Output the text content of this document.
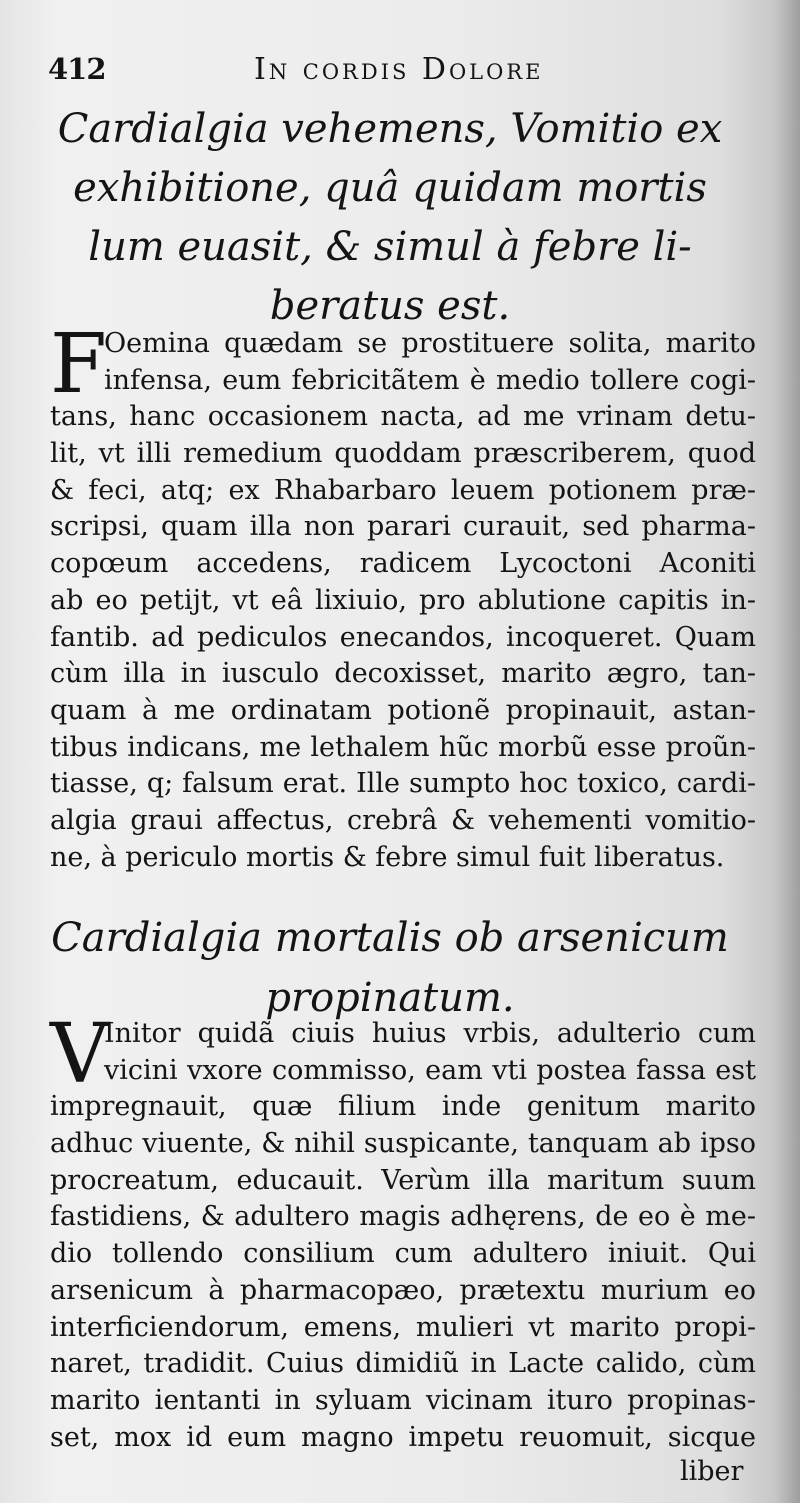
412	In cordis Dolore
Cardialgia vehemens, Vomitio ex
exhibitione, quâ quidam mortis
lum euasit, & simul à febre li-
beratus est.
F
Oemina quædam se prostituere solita, marito
infensa, eum febricitãtem è medio tollere cogi-
tans, hanc occasionem nacta, ad me vrinam detu-
lit, vt illi remedium quoddam præscriberem, quod
& feci, atq; ex Rhabarbaro leuem potionem præ-
scripsi, quam illa non parari curauit, sed pharma-
copœum accedens, radicem Lycoctoni Aconiti
ab eo petijt, vt eâ lixiuio, pro ablutione capitis in-
fantib. ad pediculos enecandos, incoqueret. Quam
cùm illa in iusculo decoxisset, marito ægro, tan-
quam à me ordinatam potionẽ propinauit, astan-
tibus indicans, me lethalem hũc morbũ esse proũn-
tiasse, q; falsum erat. Ille sumpto hoc toxico, cardi-
algia graui affectus, crebrâ & vehementi vomitio-
ne, à periculo mortis & febre simul fuit liberatus.
Cardialgia mortalis ob arsenicum
propinatum.
V
Initor quidã ciuis huius vrbis, adulterio cum
vicini vxore commisso, eam vti postea fassa est
impregnauit, quæ filium inde genitum marito
adhuc viuente, & nihil suspicante, tanquam ab ipso
procreatum, educauit. Verùm illa maritum suum
fastidiens, & adultero magis adhęrens, de eo è me-
dio tollendo consilium cum adultero iniuit. Qui
arsenicum à pharmacopæo, prætextu murium eo
interficiendorum, emens, mulieri vt marito propi-
naret, tradidit. Cuius dimidiũ in Lacte calido, cùm
marito ientanti in syluam vicinam ituro propinas-
set, mox id eum magno impetu reuomuit, sicque
liber
